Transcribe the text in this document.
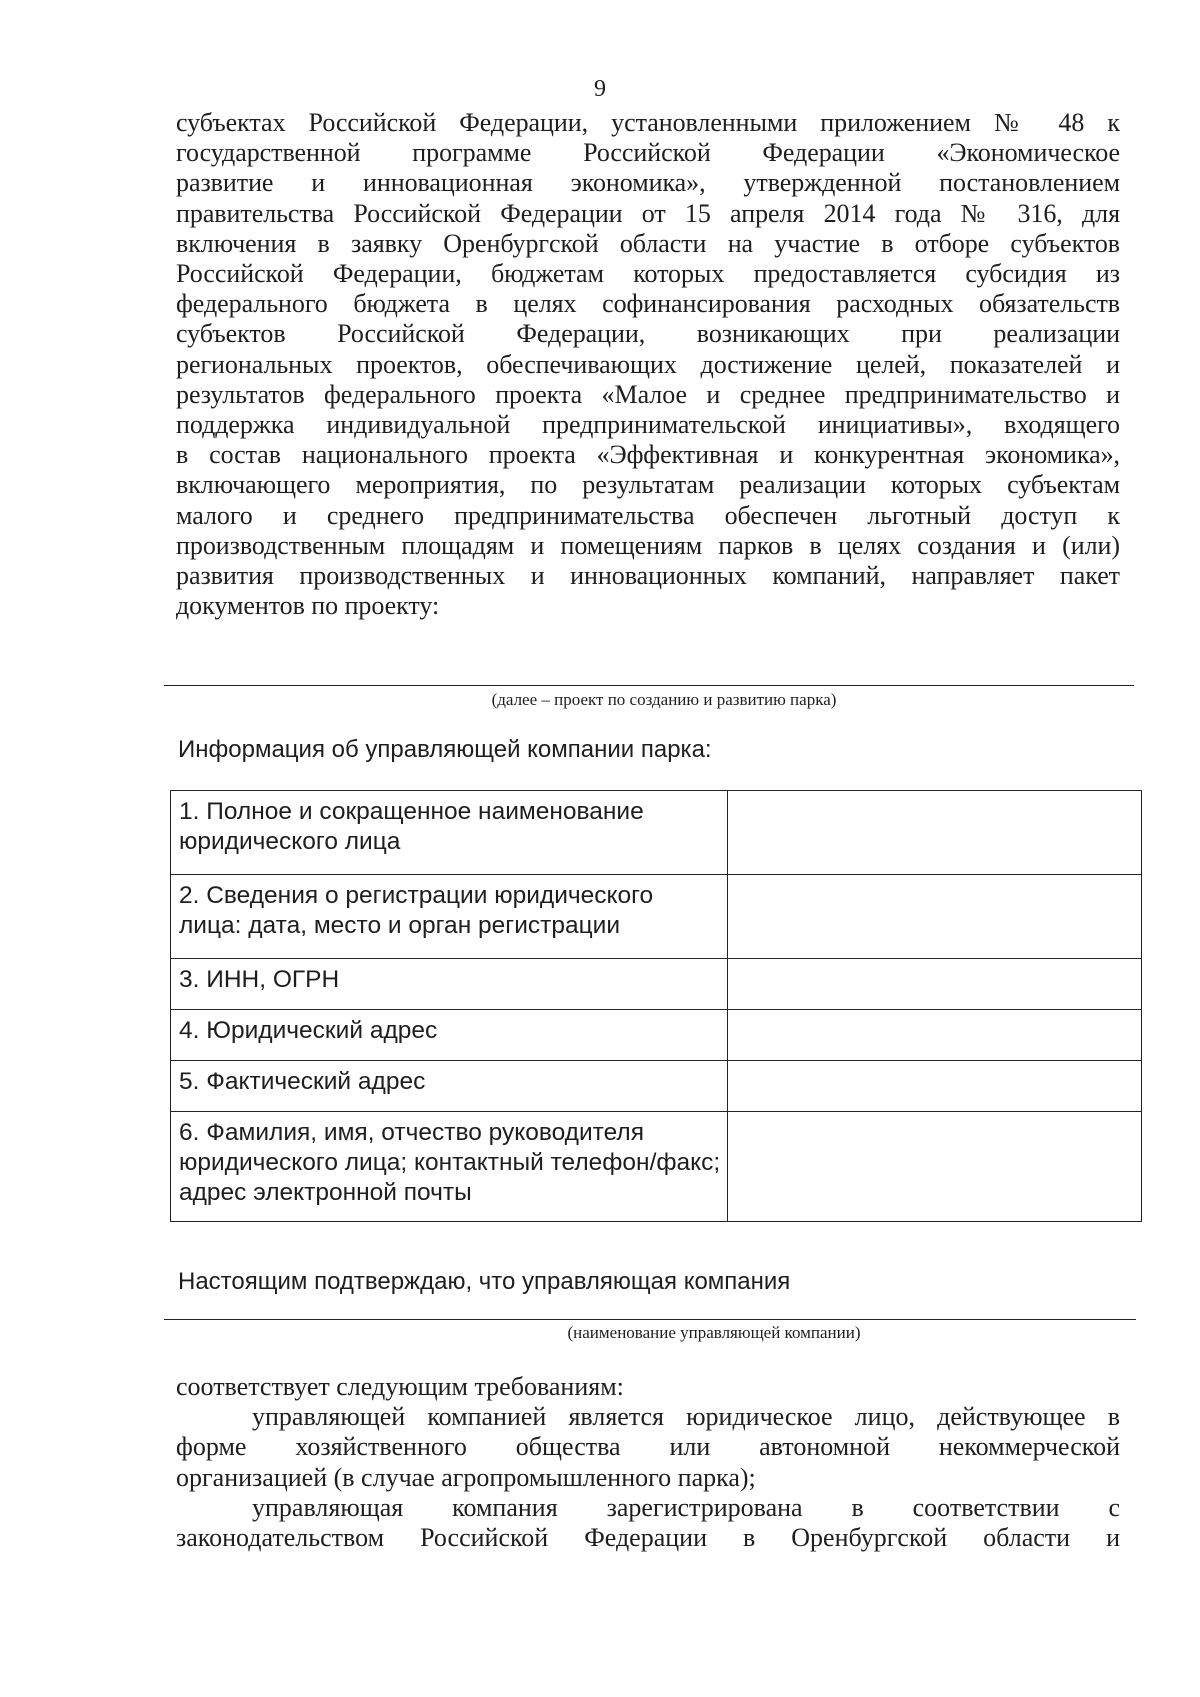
9
субъектах Российской Федерации, установленными приложением № 48 к
государственной программе Российской Федерации «Экономическое
развитие и инновационная экономика», утвержденной постановлением
правительства Российской Федерации от 15 апреля 2014 года № 316, для
включения в заявку Оренбургской области на участие в отборе субъектов
Российской Федерации, бюджетам которых предоставляется субсидия из
федерального бюджета в целях софинансирования расходных обязательств
субъектов Российской Федерации, возникающих при реализации
региональных проектов, обеспечивающих достижение целей, показателей и
результатов федерального проекта «Малое и среднее предпринимательство и
поддержка индивидуальной предпринимательской инициативы», входящего
в состав национального проекта «Эффективная и конкурентная экономика»,
включающего мероприятия, по результатам реализации которых субъектам
малого и среднего предпринимательства обеспечен льготный доступ к
производственным площадям и помещениям парков в целях создания и (или)
развития производственных и инновационных компаний, направляет пакет
документов по проекту:
(далее – проект по созданию и развитию парка)
Информация об управляющей компании парка:
1. Полное и сокращенное наименование юридического лица	
2. Сведения о регистрации юридического лица: дата, место и орган регистрации	
3. ИНН, ОГРН	
4. Юридический адрес	
5. Фактический адрес	
6. Фамилия, имя, отчество руководителя юридического лица; контактный телефон/факс; адрес электронной почты	
Настоящим подтверждаю, что управляющая компания
(наименование управляющей компании)
соответствует следующим требованиям:
управляющей компанией является юридическое лицо, действующее в
форме хозяйственного общества или автономной некоммерческой
организацией (в случае агропромышленного парка);
управляющая компания зарегистрирована в соответствии с
законодательством Российской Федерации в Оренбургской области и
